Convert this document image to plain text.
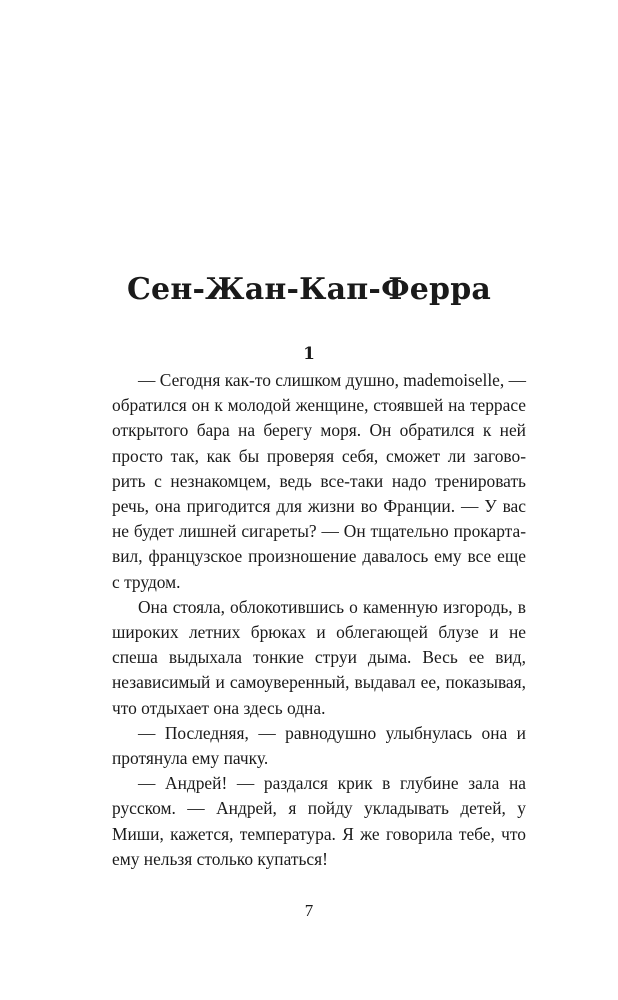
Сен-Жан-Кап-Ферра
1

— Сегодня как-то слишком душно, mademoiselle, — обратился он к молодой женщине, стоявшей на террасе открытого бара на берегу моря. Он обратился к ней просто так, как бы проверяя себя, сможет ли заговорить с незнакомцем, ведь все-таки надо тренировать речь, она пригодится для жизни во Франции. — У вас не будет лишней сигареты? — Он тщательно прокартавил, французское произношение давалось ему все еще с трудом.

Она стояла, облокотившись о каменную изгородь, в широких летних брюках и облегающей блузе и не спеша выдыхала тонкие струи дыма. Весь ее вид, независимый и самоуверенный, выдавал ее, показывая, что отдыхает она здесь одна.

— Последняя, — равнодушно улыбнулась она и протянула ему пачку.

— Андрей! — раздался крик в глубине зала на русском. — Андрей, я пойду укладывать детей, у Миши, кажется, температура. Я же говорила тебе, что ему нельзя столько купаться!

7
